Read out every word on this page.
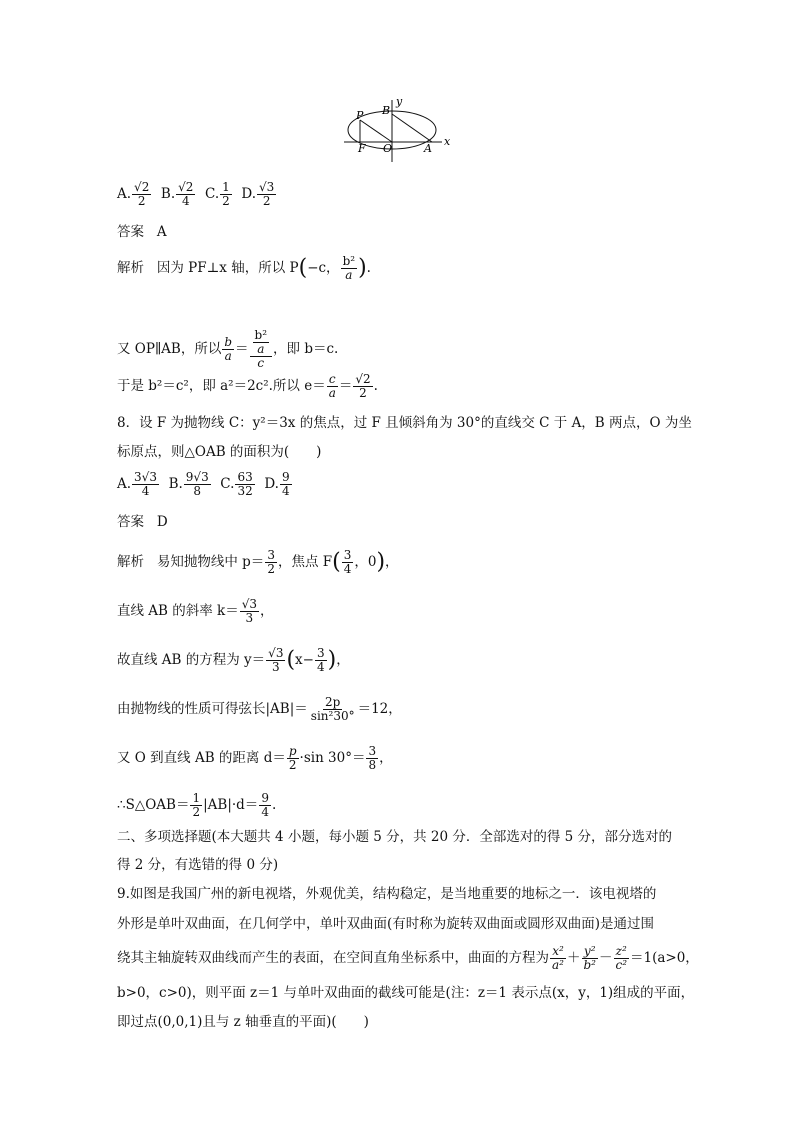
P B
y
F O	A
x
A. $\frac{√2}{2} B$. $\frac{√2}{4} C$. $\frac{1}{2} D$. $\frac{√3}{2}$
答案 A
解析 因为 PF⊥x 轴，所以 P(−c， $\frac{\text{b²}}{a}$ ).
又 OP∥AB，所以 $\frac{b}{a} = \frac{\frac{\text{b²}}{a}}{c}$ ，即 b＝c.
于是 b²＝c²，即 a²＝2c².所以 $e= \frac{c}{a} = \frac{√2}{2}$ .
8．设 F 为抛物线 C：y²＝3x 的焦点，过 F 且倾斜角为 30°的直线交 C 于 A，B 两点，O 为坐
标原点，则△OAB 的面积为(　　)
A. $\frac{3√3}{4} B$. $\frac{9√3}{8} C$. $\frac{63}{32} D$. $\frac{9}{4}$
答案 D
解析 易知抛物线中 $p= \frac{3}{2}$ ，焦点 $F( \frac{3}{4}$ ，0)，
直线 AB 的斜率 $k= \frac{√3}{3}$ ，
故直线 AB 的方程为 $y= \frac{√3}{3} (x- \frac{3}{4}$ )，
由抛物线的性质可得弦长$|AB|= \frac{2p}{\text{sin²30°}} =12$，
又 O 到直线 AB 的距离 $d= \frac{p}{2} \cdot\sin$ $30^\circ= \frac{3}{8}$ ，
∴S△OAB＝ $\frac{1}{2} |AB|\cdot d= \frac{9}{4}$ .
二、多项选择题(本大题共 4 小题，每小题 5 分，共 20 分．全部选对的得 5 分，部分选对的
得 2 分，有选错的得 0 分)
9.如图是我国广州的新电视塔，外观优美，结构稳定，是当地重要的地标之一．该电视塔的
外形是单叶双曲面，在几何学中，单叶双曲面(有时称为旋转双曲面或圆形双曲面)是通过围
绕其主轴旋转双曲线而产生的表面，在空间直角坐标系中，曲面的方程为 $\frac{\text{x²}}{\text{a²}} + \frac{\text{y²}}{\text{b²}} - \frac{\text{z²}}{\text{c²}} =1(a>0$，
b>0，c>0)，则平面 z＝1 与单叶双曲面的截线可能是(注：z＝1 表示点(x，y，1)组成的平面，
即过点(0,0,1)且与 z 轴垂直的平面)(　　)
